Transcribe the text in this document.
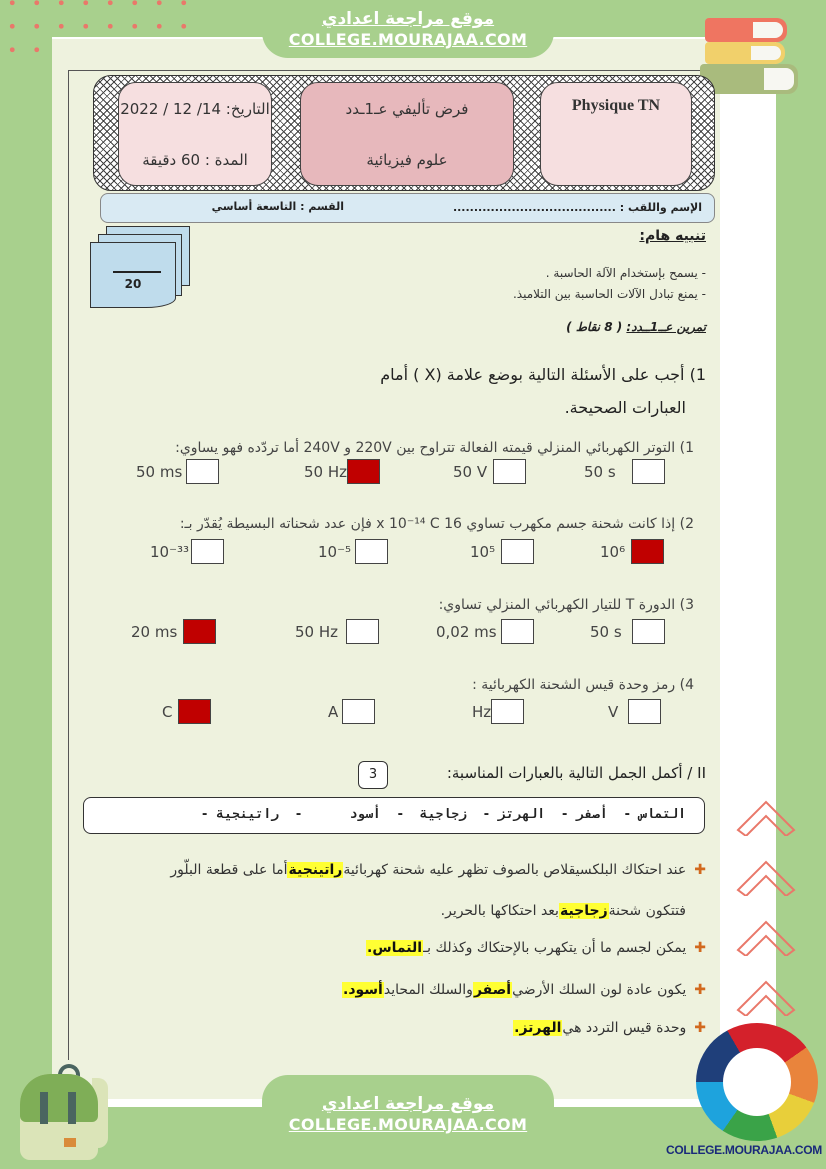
موقع مراجعة اعدادي
COLLEGE.MOURAJAA.COM
التاريخ: 14/ 12 / 2022
المدة : 60 دقيقة
فرض تأليفي عـ1ـدد
علوم فيزيائية
Physique TN
الإسم واللقب : .......................................
القسم : التاسعة أساسي
20
تنبيه هام:
- يسمح بإستخدام الآلة الحاسبة .
- يمنع تبادل الآلات الحاسبة بين التلاميذ.
تمرين عــ1ــدد: ( 8 نقاط )
1) أجب على الأسئلة التالية بوضع علامة (X ) أمام
العبارات الصحيحة.
1) التوتر الكهربائي المنزلي قيمته الفعالة تتراوح بين 220V و 240V أما تردّده فهو يساوي:
50 s
50 V
50 Hz
50 ms
2) إذا كانت شحنة جسم مكهرب تساوي 16 x 10⁻¹⁴ C فإن عدد شحناته البسيطة يُقدّر بـ:
10⁶
10⁵
10⁻⁵
10⁻³³
3) الدورة T للتيار الكهربائي المنزلي تساوي:
50 s
0,02 ms
50 Hz
20 ms
4) رمز وحدة قيس الشحنة الكهربائية :
V
Hz
A
C
II / أكمل الجمل التالية بالعبارات المناسبة:
3
التماس -  أصفر -  الهرتز -  زجاجية  -  أسود      -  راتينجية -
✚
عند احتكاك البلكسيقلاص بالصوف تظهر عليه شحنة كهربائية
راتينجية
أما على قطعة البلّور
فتتكون شحنة
زجاجية
بعد احتكاكها بالحرير.
✚
يمكن لجسم ما أن يتكهرب بالإحتكاك وكذلك بـ
التماس.
✚
يكون عادة لون السلك الأرضي
أصفر
والسلك المحايد
أسود.
✚
وحدة قيس التردد هي
الهرتز.
موقع مراجعة اعدادي
COLLEGE.MOURAJAA.COM
COLLEGE.MOURAJAA.COM
